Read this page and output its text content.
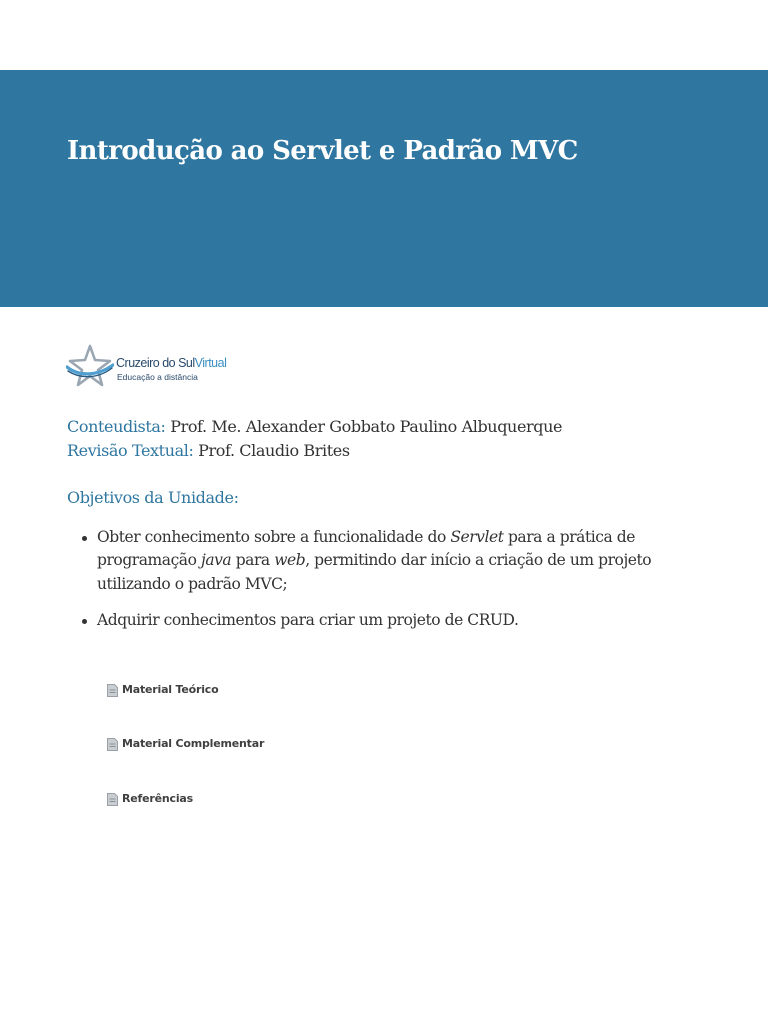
Introdução ao Servlet e Padrão MVC
Cruzeiro do SulVirtual
Educação a distância
Conteudista: Prof. Me. Alexander Gobbato Paulino Albuquerque
Revisão Textual: Prof. Claudio Brites
Objetivos da Unidade:
Obter conhecimento sobre a funcionalidade do Servlet para a prática de programação java para web, permitindo dar início a criação de um projeto utilizando o padrão MVC;
Adquirir conhecimentos para criar um projeto de CRUD.
Material Teórico
Material Complementar
Referências
